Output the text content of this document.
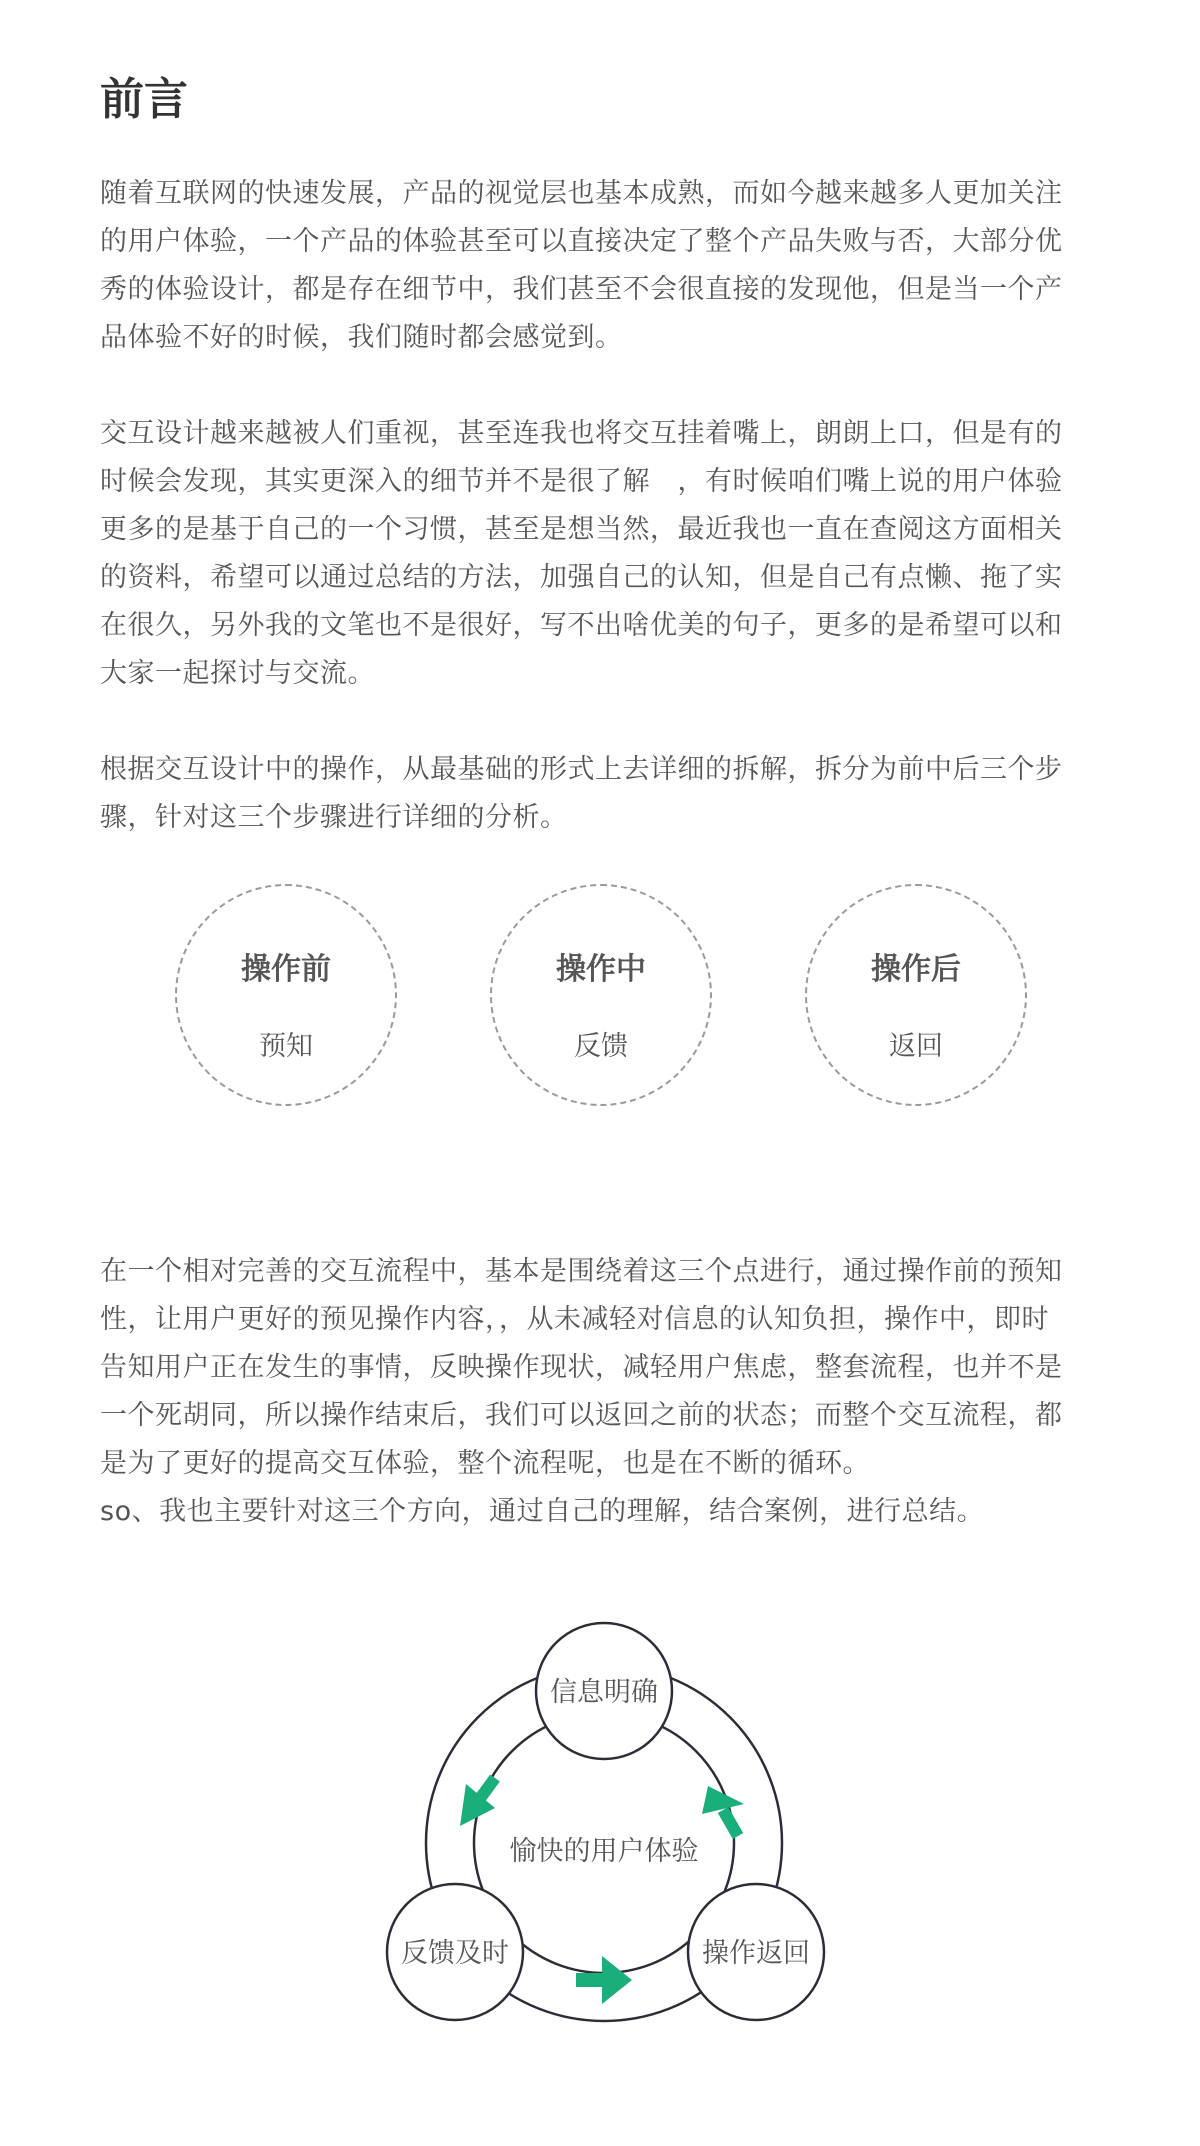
前言

随着互联网的快速发展，产品的视觉层也基本成熟，而如今越来越多人更加关注
的用户体验，一个产品的体验甚至可以直接决定了整个产品失败与否，大部分优
秀的体验设计，都是存在细节中，我们甚至不会很直接的发现他，但是当一个产
品体验不好的时候，我们随时都会感觉到。

交互设计越来越被人们重视，甚至连我也将交互挂着嘴上，朗朗上口，但是有的
时候会发现，其实更深入的细节并不是很了解　，有时候咱们嘴上说的用户体验
更多的是基于自己的一个习惯，甚至是想当然，最近我也一直在查阅这方面相关
的资料，希望可以通过总结的方法，加强自己的认知，但是自己有点懒、拖了实
在很久，另外我的文笔也不是很好，写不出啥优美的句子，更多的是希望可以和
大家一起探讨与交流。

根据交互设计中的操作，从最基础的形式上去详细的拆解，拆分为前中后三个步
骤，针对这三个步骤进行详细的分析。

操作前
预知
操作中
反馈
操作后
返回

在一个相对完善的交互流程中，基本是围绕着这三个点进行，通过操作前的预知
性，让用户更好的预见操作内容，，从未减轻对信息的认知负担，操作中，即时
告知用户正在发生的事情，反映操作现状，减轻用户焦虑，整套流程，也并不是
一个死胡同，所以操作结束后，我们可以返回之前的状态；而整个交互流程，都
是为了更好的提高交互体验，整个流程呢，也是在不断的循环。

so、我也主要针对这三个方向，通过自己的理解，结合案例，进行总结。

愉快的用户体验
信息明确
反馈及时	操作返回
